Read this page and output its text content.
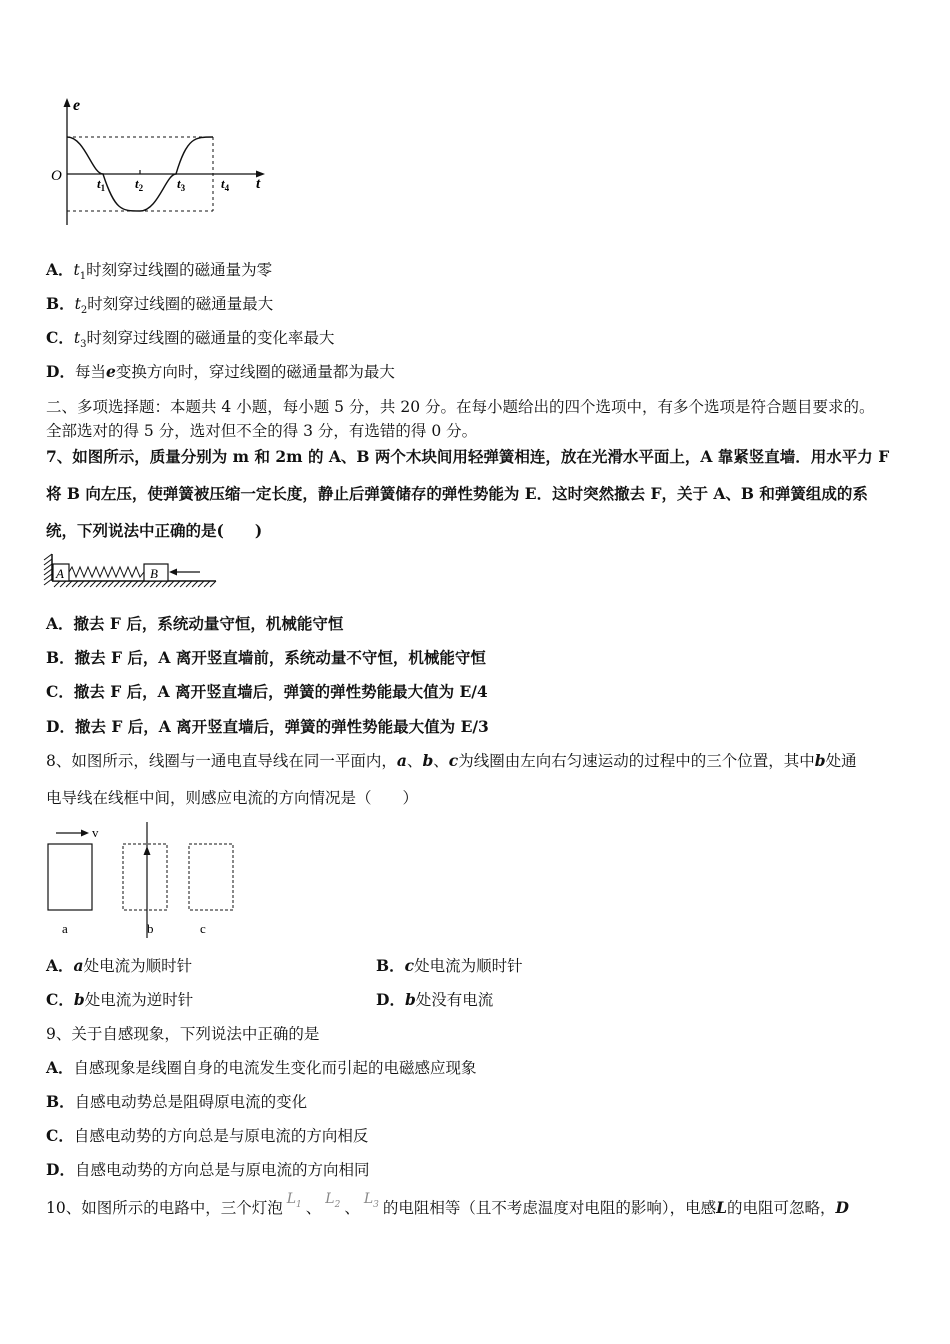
e
O	t
$t_1$ $t_2$	$t_3$	$t_4$
A．$t_1$时刻穿过线圈的磁通量为零
B．$t_2$时刻穿过线圈的磁通量最大
C．$t_3$时刻穿过线圈的磁通量的变化率最大
D．每当e变换方向时，穿过线圈的磁通量都为最大
二、多项选择题：本题共 4 小题，每小题 5 分，共 20 分。在每小题给出的四个选项中，有多个选项是符合题目要求的。
全部选对的得 5 分，选对但不全的得 3 分，有选错的得 0 分。
7、如图所示，质量分别为 m 和 2m 的 A、B 两个木块间用轻弹簧相连，放在光滑水平面上，A 靠紧竖直墙．用水平力 F
将 B 向左压，使弹簧被压缩一定长度，静止后弹簧储存的弹性势能为 E．这时突然撤去 F，关于 A、B 和弹簧组成的系
统，下列说法中正确的是(　　)
A	B
A．撤去 F 后，系统动量守恒，机械能守恒
B．撤去 F 后，A 离开竖直墙前，系统动量不守恒，机械能守恒
C．撤去 F 后，A 离开竖直墙后，弹簧的弹性势能最大值为 E/4
D．撤去 F 后，A 离开竖直墙后，弹簧的弹性势能最大值为 E/3
8、如图所示，线圈与一通电直导线在同一平面内，a、b、c为线圈由左向右匀速运动的过程中的三个位置，其中b处通
电导线在线框中间，则感应电流的方向情况是（　　）
v
a	b	c
A．a处电流为顺时针	B．c处电流为顺时针
C．b处电流为逆时针	D．b处没有电流
9、关于自感现象，下列说法中正确的是
A．自感现象是线圈自身的电流发生变化而引起的电磁感应现象
B．自感电动势总是阻碍原电流的变化
C．自感电动势的方向总是与原电流的方向相反
D．自感电动势的方向总是与原电流的方向相同
10、如图所示的电路中，三个灯泡 $L_1$ 、 $L_2$ 、 $L_3$ 的电阻相等（且不考虑温度对电阻的影响），电感L的电阻可忽略，D
